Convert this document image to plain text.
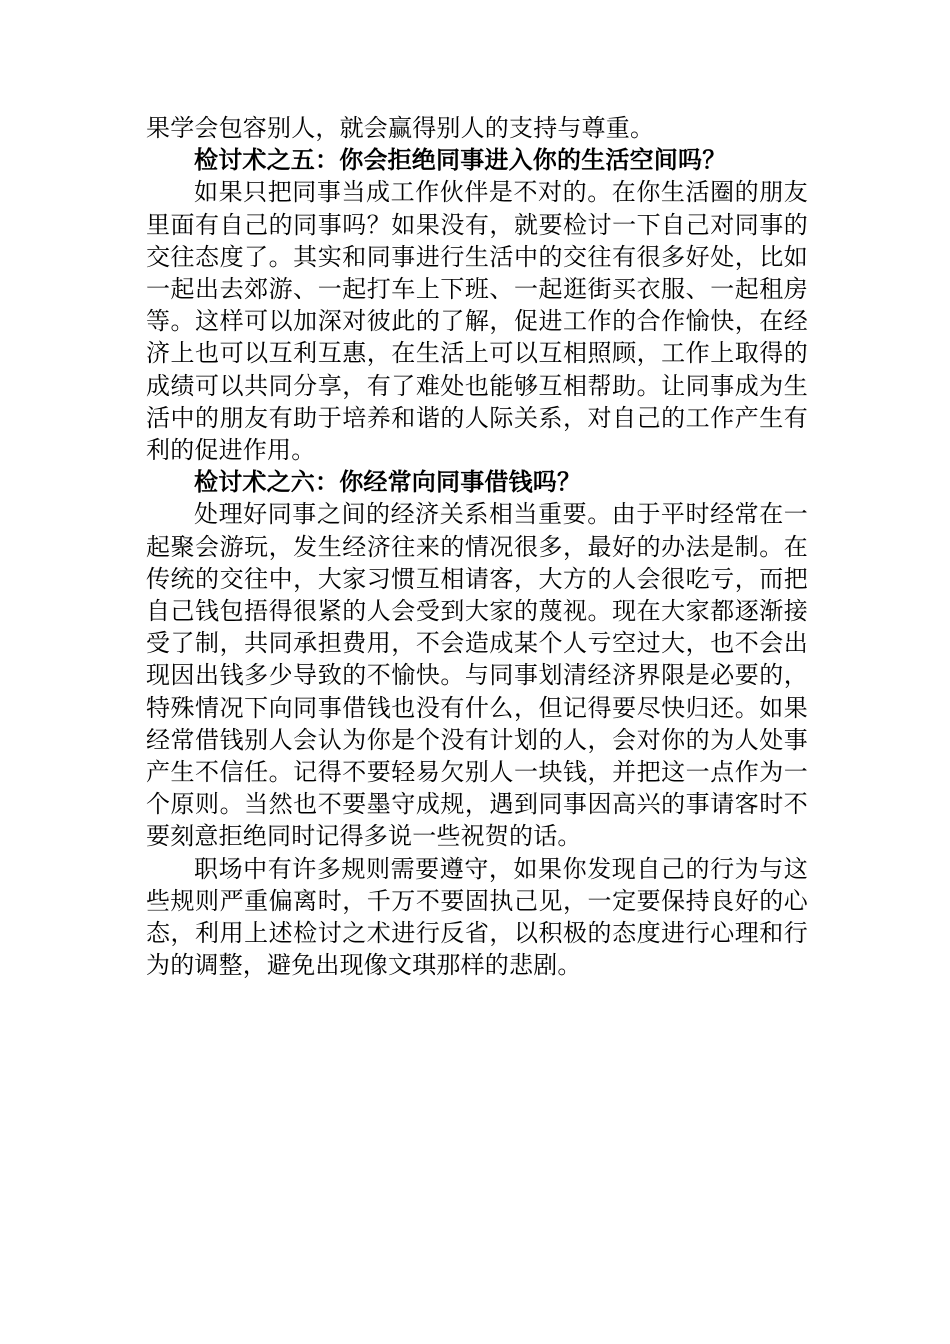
果学会包容别人，就会赢得别人的支持与尊重。

检讨术之五：你会拒绝同事进入你的生活空间吗？

如果只把同事当成工作伙伴是不对的。在你生活圈的朋友里面有自己的同事吗？如果没有，就要检讨一下自己对同事的交往态度了。其实和同事进行生活中的交往有很多好处，比如一起出去郊游、一起打车上下班、一起逛街买衣服、一起租房等。这样可以加深对彼此的了解，促进工作的合作愉快，在经济上也可以互利互惠，在生活上可以互相照顾，工作上取得的成绩可以共同分享，有了难处也能够互相帮助。让同事成为生活中的朋友有助于培养和谐的人际关系，对自己的工作产生有利的促进作用。

检讨术之六：你经常向同事借钱吗？

处理好同事之间的经济关系相当重要。由于平时经常在一起聚会游玩，发生经济往来的情况很多，最好的办法是制。在传统的交往中，大家习惯互相请客，大方的人会很吃亏，而把自己钱包捂得很紧的人会受到大家的蔑视。现在大家都逐渐接受了制，共同承担费用，不会造成某个人亏空过大，也不会出现因出钱多少导致的不愉快。与同事划清经济界限是必要的，特殊情况下向同事借钱也没有什么，但记得要尽快归还。如果经常借钱别人会认为你是个没有计划的人，会对你的为人处事产生不信任。记得不要轻易欠别人一块钱，并把这一点作为一个原则。当然也不要墨守成规，遇到同事因高兴的事请客时不要刻意拒绝同时记得多说一些祝贺的话。

职场中有许多规则需要遵守，如果你发现自己的行为与这些规则严重偏离时，千万不要固执己见，一定要保持良好的心态，利用上述检讨之术进行反省，以积极的态度进行心理和行为的调整，避免出现像文琪那样的悲剧。
